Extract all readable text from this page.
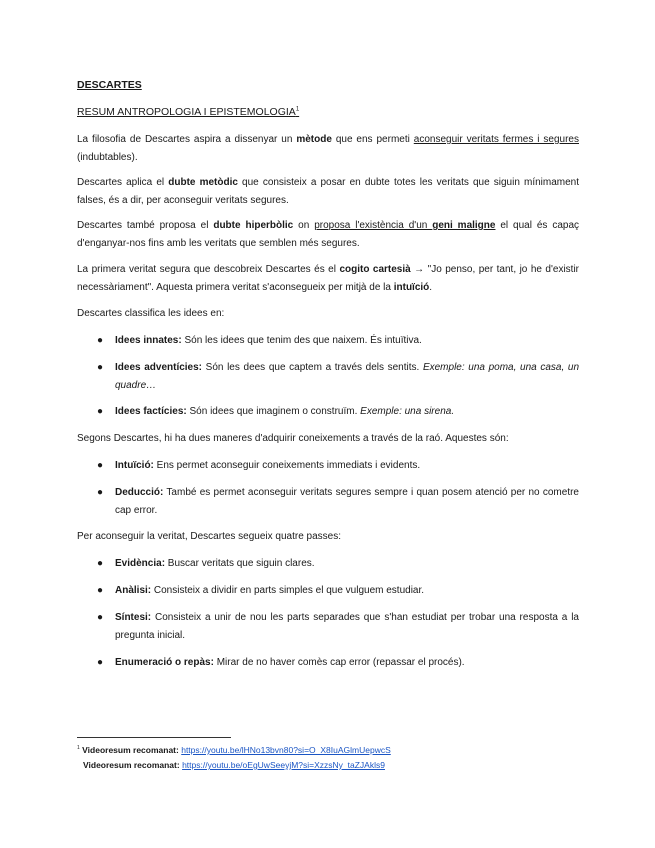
DESCARTES
RESUM ANTROPOLOGIA I EPISTEMOLOGIA$^1$
La filosofia de Descartes aspira a dissenyar un mètode que ens permeti aconseguir veritats fermes i segures (indubtables).
Descartes aplica el dubte metòdic que consisteix a posar en dubte totes les veritats que siguin mínimament falses, és a dir, per aconseguir veritats segures.
Descartes també proposa el dubte hiperbòlic on proposa l'existència d'un geni maligne el qual és capaç d'enganyar-nos fins amb les veritats que semblen més segures.
La primera veritat segura que descobreix Descartes és el cogito cartesià → "Jo penso, per tant, jo he d'existir necessàriament". Aquesta primera veritat s'aconsegueix per mitjà de la intuïció.
Descartes classifica les idees en:
● Idees innates: Són les idees que tenim des que naixem. És intuïtiva.
● Idees adventícies: Són les dees que captem a través dels sentits. Exemple: una poma, una casa, un quadre…
● Idees factícies: Són idees que imaginem o construïm. Exemple: una sirena.
Segons Descartes, hi ha dues maneres d'adquirir coneixements a través de la raó. Aquestes són:
● Intuïció: Ens permet aconseguir coneixements immediats i evidents.
● Deducció: També es permet aconseguir veritats segures sempre i quan posem atenció per no cometre cap error.
Per aconseguir la veritat, Descartes segueix quatre passes:
● Evidència: Buscar veritats que siguin clares.
● Anàlisi: Consisteix a dividir en parts simples el que vulguem estudiar.
● Síntesi: Consisteix a unir de nou les parts separades que s'han estudiat per trobar una resposta a la pregunta inicial.
● Enumeració o repàs: Mirar de no haver comès cap error (repassar el procés).
$^1$ Videoresum recomanat: https://youtu.be/lHNo13bvn80?si=O_X8IuAGlmUepwcS
Videoresum recomanat: https://youtu.be/oEgUwSeeyjM?si=XzzsNy_taZJAkls9
